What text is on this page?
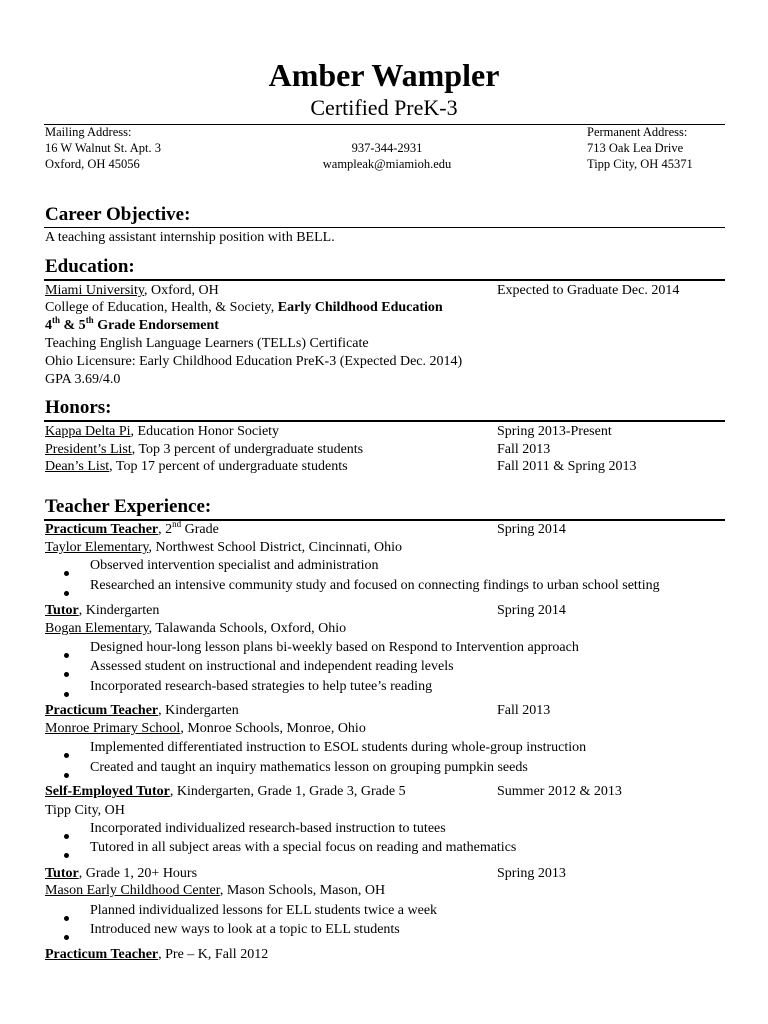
Amber Wampler
Certified PreK-3
Mailing Address:
16 W Walnut St. Apt. 3
Oxford, OH 45056
937-344-2931
wampleak@miamioh.edu
Permanent Address:
713 Oak Lea Drive
Tipp City, OH 45371
Career Objective:
A teaching assistant internship position with BELL.
Education:
Miami University, Oxford, OH	Expected to Graduate Dec. 2014
College of Education, Health, & Society, Early Childhood Education
4th & 5th Grade Endorsement
Teaching English Language Learners (TELLs) Certificate
Ohio Licensure: Early Childhood Education PreK-3 (Expected Dec. 2014)
GPA 3.69/4.0
Honors:
Kappa Delta Pi, Education Honor Society	Spring 2013-Present
President’s List, Top 3 percent of undergraduate students	Fall 2013
Dean’s List, Top 17 percent of undergraduate students	Fall 2011 & Spring 2013
Teacher Experience:
Practicum Teacher, 2nd Grade	Spring 2014
Taylor Elementary, Northwest School District, Cincinnati, Ohio
Observed intervention specialist and administration
Researched an intensive community study and focused on connecting findings to urban school setting
Tutor, Kindergarten	Spring 2014
Bogan Elementary, Talawanda Schools, Oxford, Ohio
Designed hour-long lesson plans bi-weekly based on Respond to Intervention approach
Assessed student on instructional and independent reading levels
Incorporated research-based strategies to help tutee’s reading
Practicum Teacher, Kindergarten	Fall 2013
Monroe Primary School, Monroe Schools, Monroe, Ohio
Implemented differentiated instruction to ESOL students during whole-group instruction
Created and taught an inquiry mathematics lesson on grouping pumpkin seeds
Self-Employed Tutor, Kindergarten, Grade 1, Grade 3, Grade 5	Summer 2012 & 2013
Tipp City, OH
Incorporated individualized research-based instruction to tutees
Tutored in all subject areas with a special focus on reading and mathematics
Tutor, Grade 1, 20+ Hours	Spring 2013
Mason Early Childhood Center, Mason Schools, Mason, OH
Planned individualized lessons for ELL students twice a week
Introduced new ways to look at a topic to ELL students
Practicum Teacher, Pre – K, Fall 2012
